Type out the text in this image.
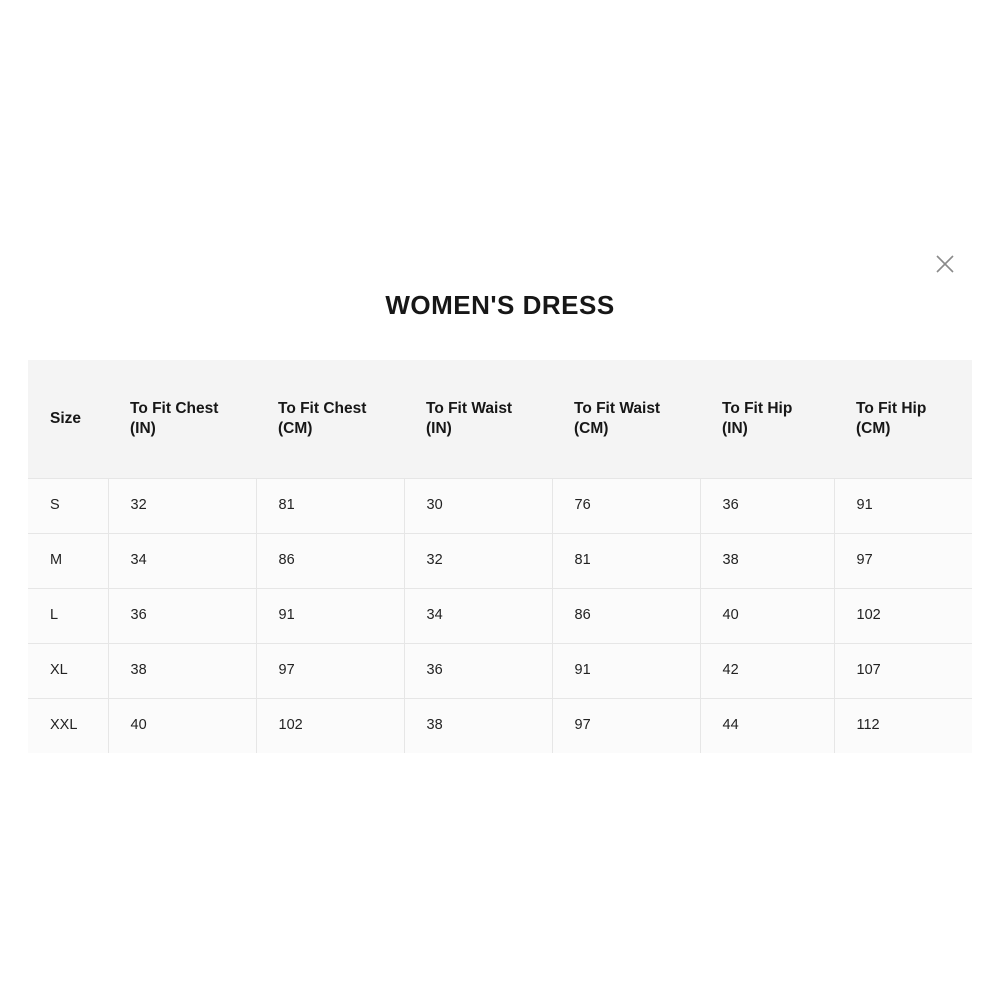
WOMEN'S DRESS
Size	To Fit Chest (IN)	To Fit Chest (CM)	To Fit Waist (IN)	To Fit Waist (CM)	To Fit Hip (IN)	To Fit Hip (CM)
S	32	81	30	76	36	91
M	34	86	32	81	38	97
L	36	91	34	86	40	102
XL	38	97	36	91	42	107
XXL	40	102	38	97	44	112
